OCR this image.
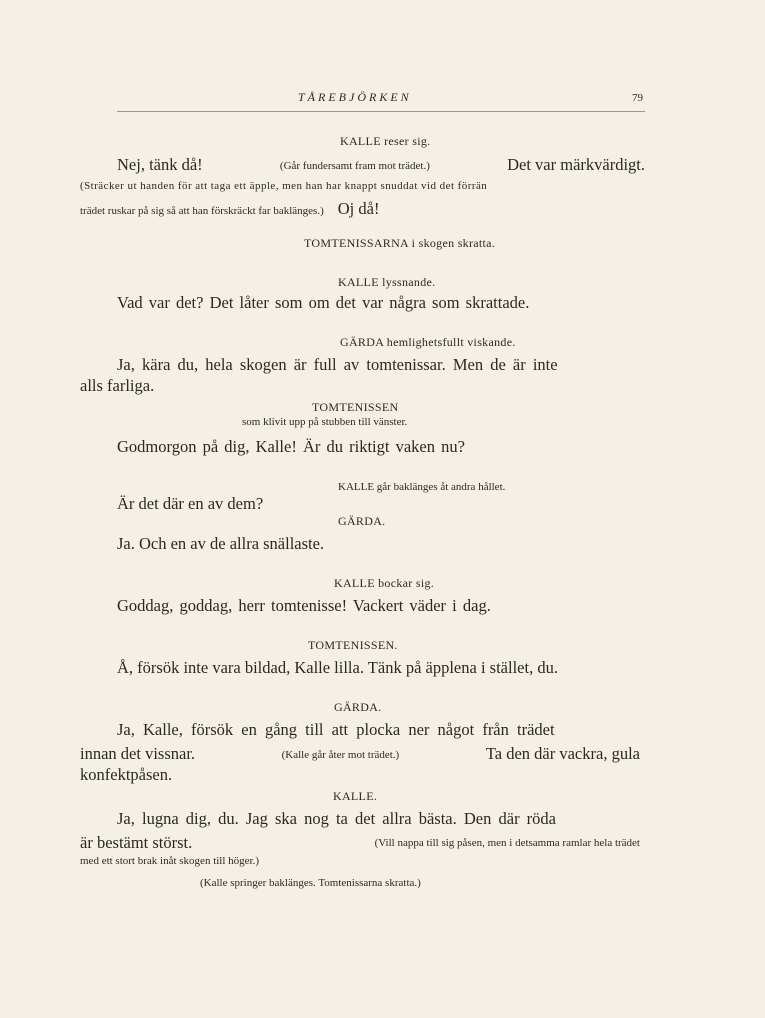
TÅREBJÖRKEN	79
KALLE reser sig.
Nej, tänk då!	(Går fundersamt fram mot trädet.)	Det var märkvärdigt.
(Sträcker ut handen för att taga ett äpple, men han har knappt snuddat vid det förrän
trädet ruskar på sig så att han förskräckt far baklänges.) Oj då!
TOMTENISSARNA i skogen skratta.
KALLE lyssnande.
Vad var det? Det låter som om det var några som skrattade.
GÄRDA hemlighetsfullt viskande.
Ja, kära du, hela skogen är full av tomtenissar. Men de är inte
alls farliga.
TOMTENISSEN
som klivit upp på stubben till vänster.
Godmorgon på dig, Kalle! Är du riktigt vaken nu?
KALLE går baklänges åt andra hållet.
Är det där en av dem?
GÄRDA.
Ja. Och en av de allra snällaste.
KALLE bockar sig.
Goddag, goddag, herr tomtenisse! Vackert väder i dag.
TOMTENISSEN.
Å, försök inte vara bildad, Kalle lilla. Tänk på äpplena i stället, du.
GÄRDA.
Ja, Kalle, försök en gång till att plocka ner något från trädet
innan det vissnar.	(Kalle går åter mot trädet.)	Ta den där vackra, gula
konfektpåsen.
KALLE.
Ja, lugna dig, du. Jag ska nog ta det allra bästa. Den där röda
är bestämt störst.	(Vill nappa till sig påsen, men i detsamma ramlar hela trädet
med ett stort brak inåt skogen till höger.)
(Kalle springer baklänges. Tomtenissarna skratta.)
